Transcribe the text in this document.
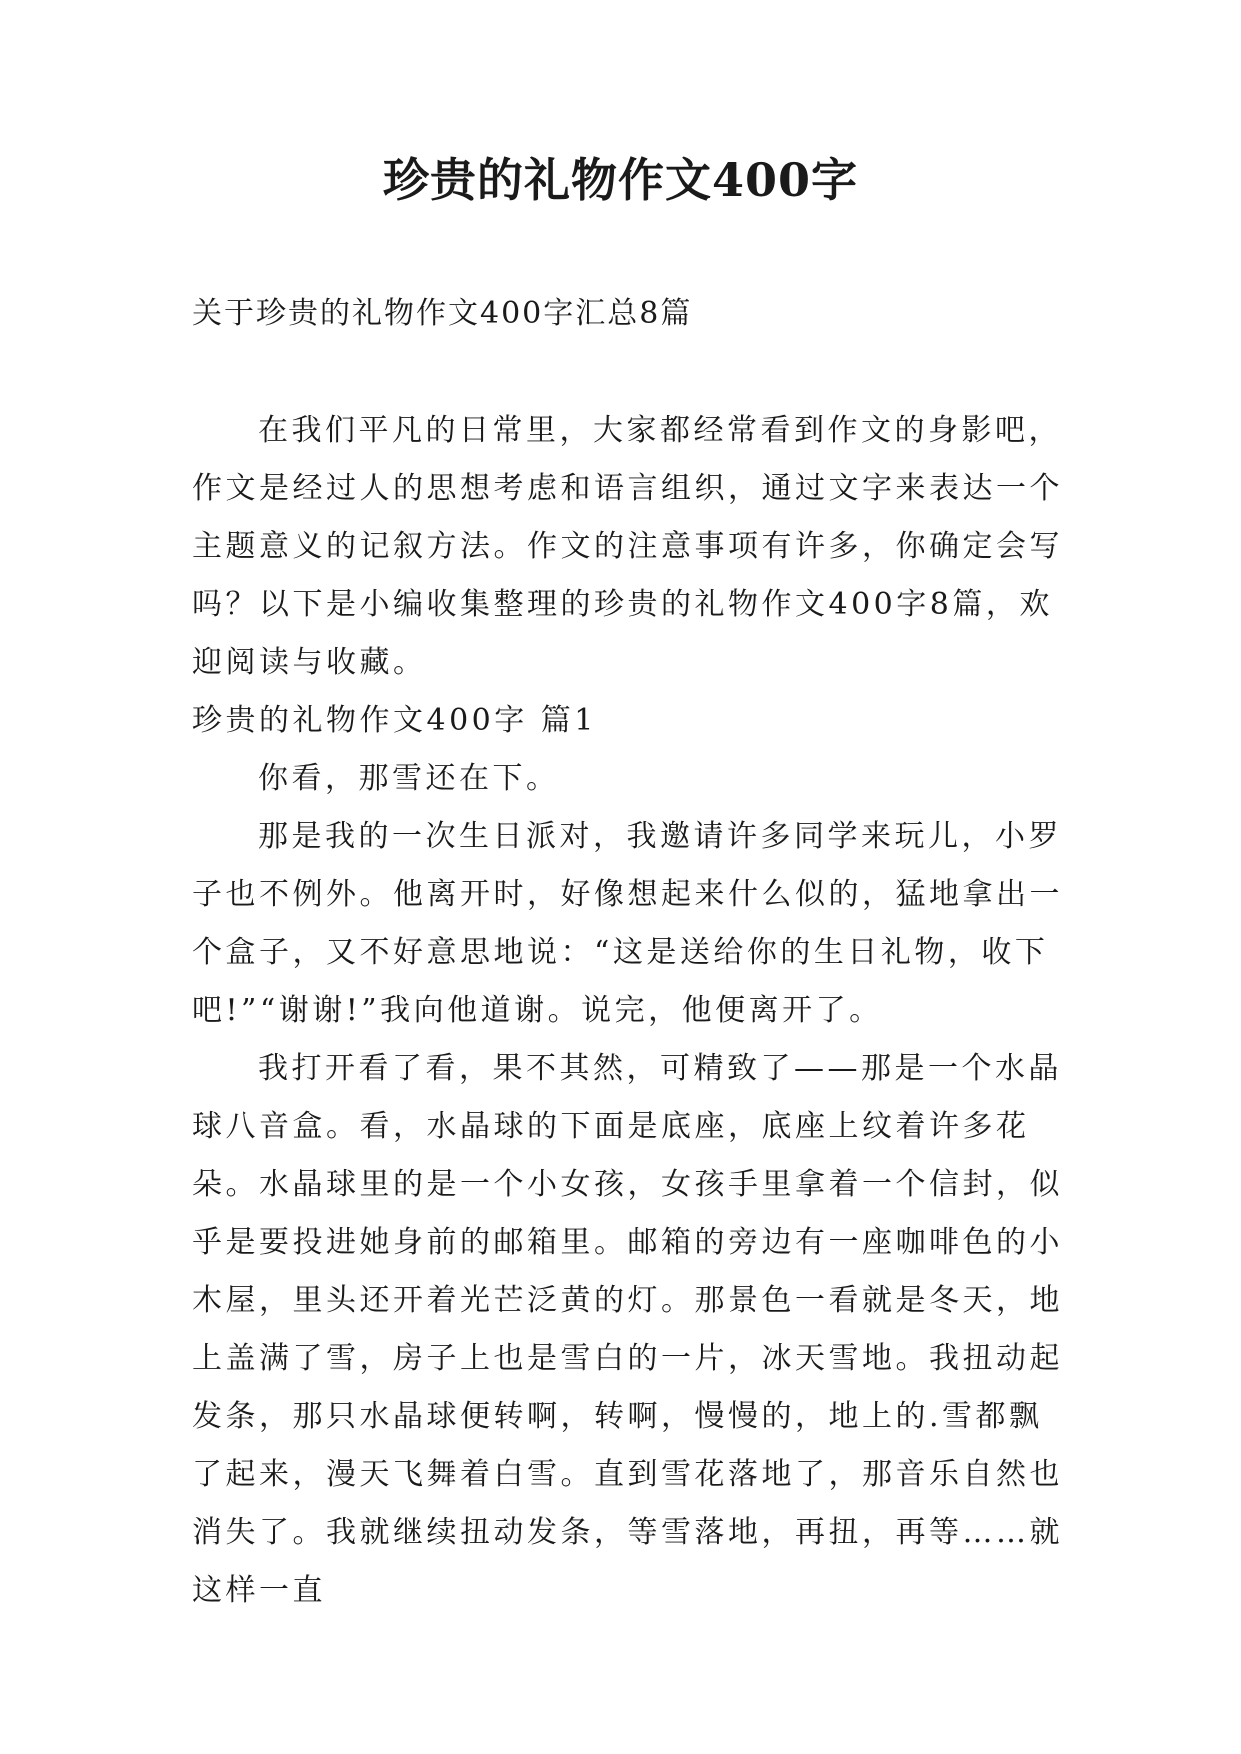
珍贵的礼物作文400字
关于珍贵的礼物作文400字汇总8篇

在我们平凡的日常里，大家都经常看到作文的身影吧，作文是经过人的思想考虑和语言组织，通过文字来表达一个主题意义的记叙方法。作文的注意事项有许多，你确定会写吗？以下是小编收集整理的珍贵的礼物作文400字8篇，欢迎阅读与收藏。

珍贵的礼物作文400字 篇1

你看，那雪还在下。

那是我的一次生日派对，我邀请许多同学来玩儿，小罗子也不例外。他离开时，好像想起来什么似的，猛地拿出一个盒子，又不好意思地说：“这是送给你的生日礼物，收下吧!”“谢谢!”我向他道谢。说完，他便离开了。

我打开看了看，果不其然，可精致了——那是一个水晶球八音盒。看，水晶球的下面是底座，底座上纹着许多花朵。水晶球里的是一个小女孩，女孩手里拿着一个信封，似乎是要投进她身前的邮箱里。邮箱的旁边有一座咖啡色的小木屋，里头还开着光芒泛黄的灯。那景色一看就是冬天，地上盖满了雪，房子上也是雪白的一片，冰天雪地。我扭动起发条，那只水晶球便转啊，转啊，慢慢的，地上的.雪都飘了起来，漫天飞舞着白雪。直到雪花落地了，那音乐自然也消失了。我就继续扭动发条，等雪落地，再扭，再等……就这样一直
